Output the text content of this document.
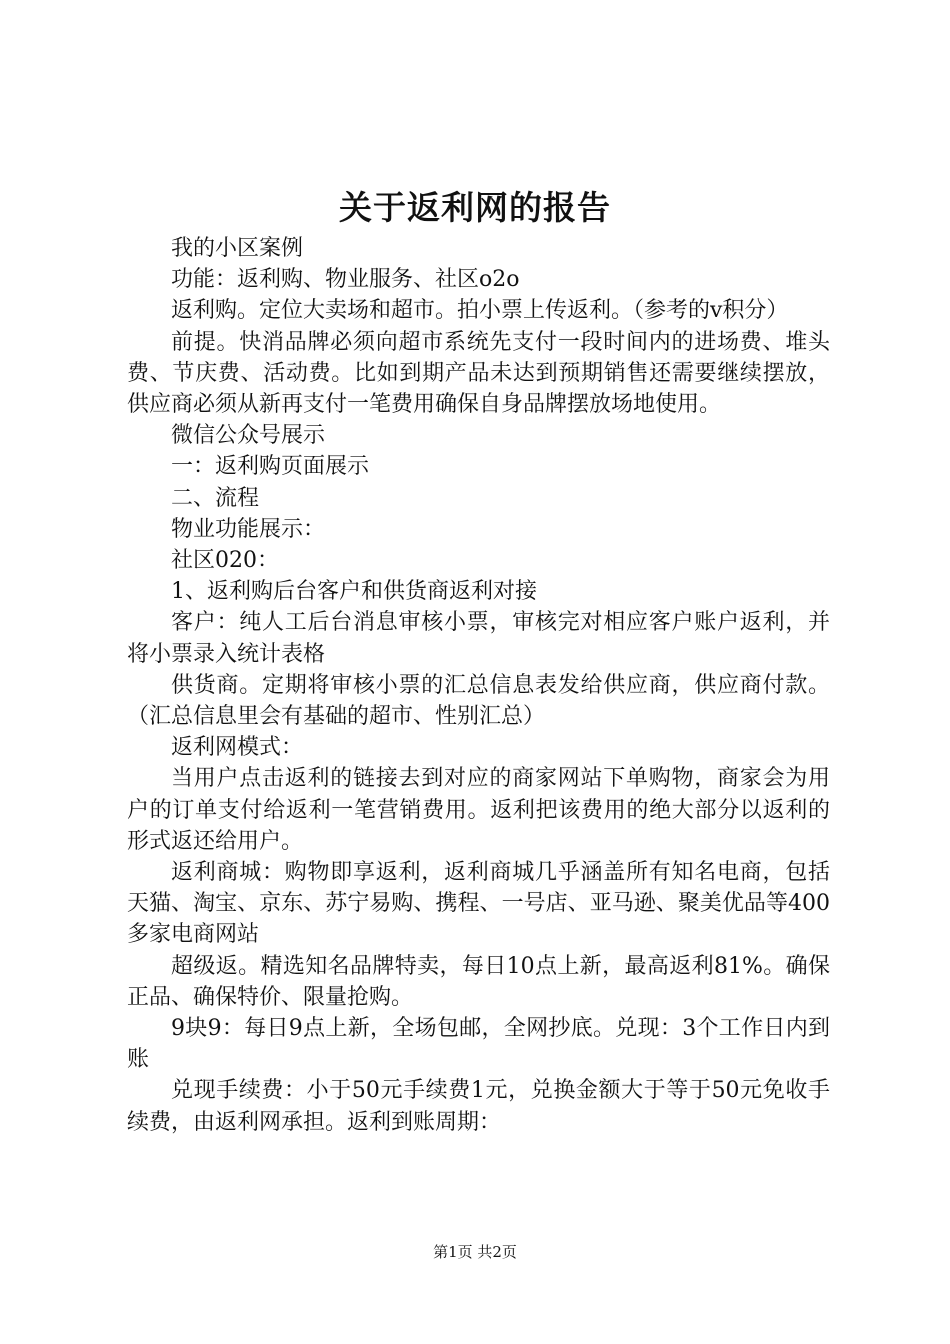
关于返利网的报告

我的小区案例

功能：返利购、物业服务、社区o2o

返利购。定位大卖场和超市。拍小票上传返利。（参考的v积分）

前提。快消品牌必须向超市系统先支付一段时间内的进场费、堆头费、节庆费、活动费。比如到期产品未达到预期销售还需要继续摆放，供应商必须从新再支付一笔费用确保自身品牌摆放场地使用。

微信公众号展示

一：返利购页面展示

二、流程

物业功能展示：

社区020：

1、返利购后台客户和供货商返利对接

客户：纯人工后台消息审核小票，审核完对相应客户账户返利，并将小票录入统计表格

供货商。定期将审核小票的汇总信息表发给供应商，供应商付款。（汇总信息里会有基础的超市、性别汇总）

返利网模式：

当用户点击返利的链接去到对应的商家网站下单购物，商家会为用户的订单支付给返利一笔营销费用。返利把该费用的绝大部分以返利的形式返还给用户。

返利商城：购物即享返利，返利商城几乎涵盖所有知名电商，包括天猫、淘宝、京东、苏宁易购、携程、一号店、亚马逊、聚美优品等400多家电商网站

超级返。精选知名品牌特卖，每日10点上新，最高返利81%。确保正品、确保特价、限量抢购。

9块9：每日9点上新，全场包邮，全网抄底。兑现：3个工作日内到账

兑现手续费：小于50元手续费1元，兑换金额大于等于50元免收手续费，由返利网承担。返利到账周期：

第1页 共2页
